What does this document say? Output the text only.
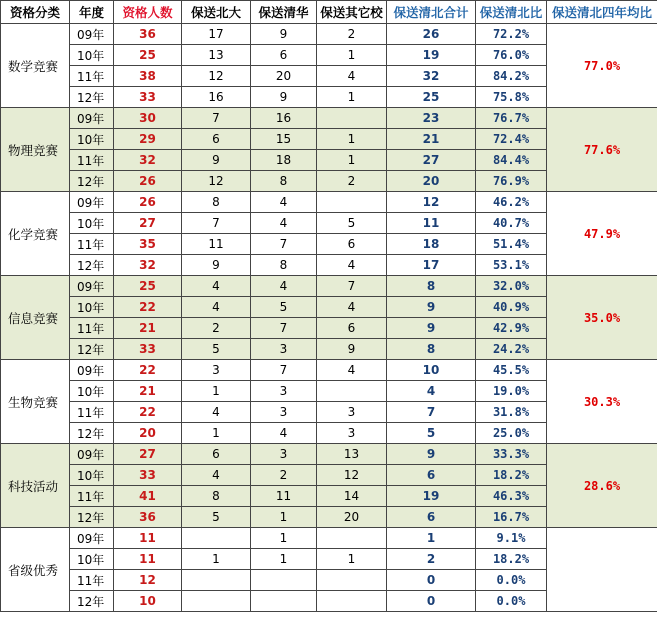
资格分类	年度	资格人数	保送北大	保送清华	保送其它校	保送清北合计	保送清北比	保送清北四年均比
数学竞赛	09年	36	17	9	2	26	72.2%	77.0%
	10年	25	13	6	1	19	76.0%	
	11年	38	12	20	4	32	84.2%	
	12年	33	16	9	1	25	75.8%	
物理竞赛	09年	30	7	16		23	76.7%	77.6%
	10年	29	6	15	1	21	72.4%	
	11年	32	9	18	1	27	84.4%	
	12年	26	12	8	2	20	76.9%	
化学竞赛	09年	26	8	4		12	46.2%	47.9%
	10年	27	7	4	5	11	40.7%	
	11年	35	11	7	6	18	51.4%	
	12年	32	9	8	4	17	53.1%	
信息竞赛	09年	25	4	4	7	8	32.0%	35.0%
	10年	22	4	5	4	9	40.9%	
	11年	21	2	7	6	9	42.9%	
	12年	33	5	3	9	8	24.2%	
生物竞赛	09年	22	3	7	4	10	45.5%	30.3%
	10年	21	1	3		4	19.0%	
	11年	22	4	3	3	7	31.8%	
	12年	20	1	4	3	5	25.0%	
科技活动	09年	27	6	3	13	9	33.3%	28.6%
	10年	33	4	2	12	6	18.2%	
	11年	41	8	11	14	19	46.3%	
	12年	36	5	1	20	6	16.7%	
省级优秀	09年	11		1		1	9.1%	
	10年	11	1	1	1	2	18.2%	
	11年	12				0	0.0%	
	12年	10				0	0.0%	
